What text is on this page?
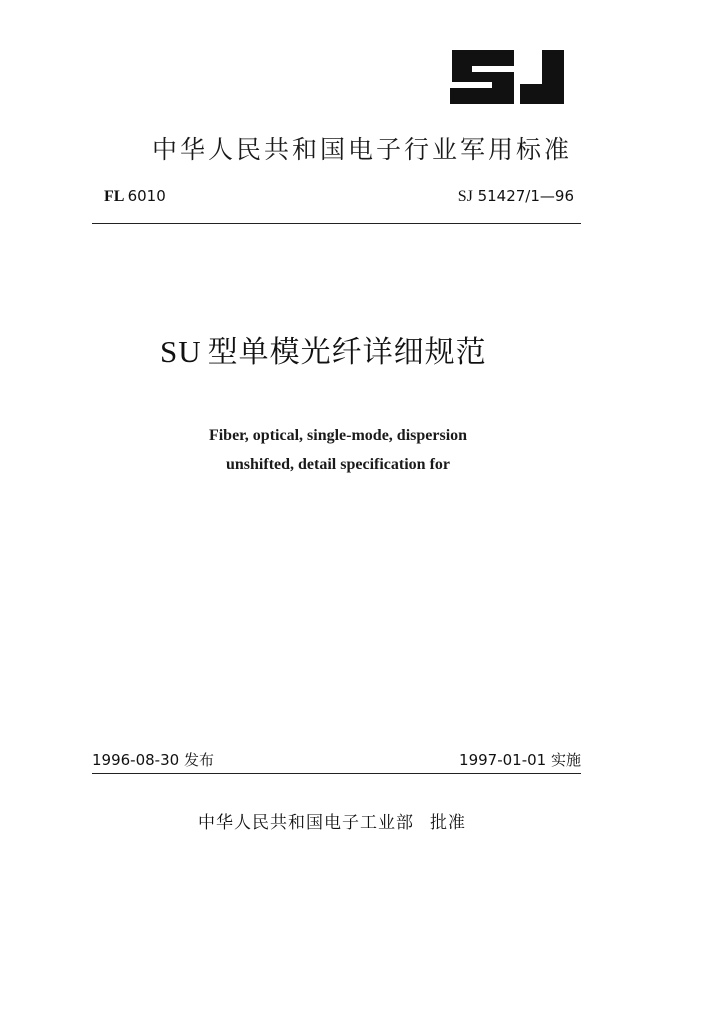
中华人民共和国电子行业军用标准
FL 6010	SJ 51427/1—96
SU 型单模光纤详细规范
Fiber, optical, single-mode, dispersion
unshifted, detail specification for
1996-08-30 发布	1997-01-01 实施
中华人民共和国电子工业部 批准
